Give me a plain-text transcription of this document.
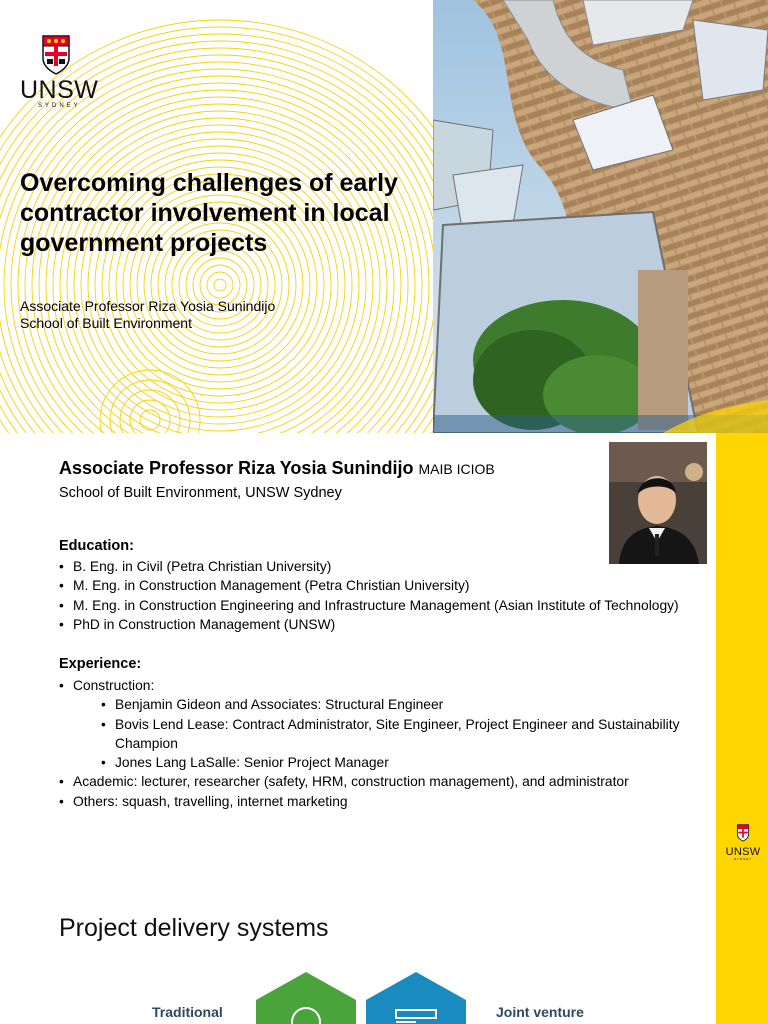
UNSW
SYDNEY
Overcoming challenges of early contractor involvement in local government projects
Associate Professor Riza Yosia Sunindijo
School of Built Environment
Associate Professor Riza Yosia Sunindijo MAIB ICIOB
School of Built Environment, UNSW Sydney
Education:
• B. Eng. in Civil (Petra Christian University)
• M. Eng. in Construction Management (Petra Christian University)
• M. Eng. in Construction Engineering and Infrastructure Management (Asian Institute of Technology)
• PhD in Construction Management (UNSW)
Experience:
• Construction:
• Benjamin Gideon and Associates: Structural Engineer
• Bovis Lend Lease: Contract Administrator, Site Engineer, Project Engineer and Sustainability Champion
• Jones Lang LaSalle: Senior Project Manager
• Academic: lecturer, researcher (safety, HRM, construction management), and administrator
• Others: squash, travelling, internet marketing
UNSW
SYDNEY
Project delivery systems
Traditional	Joint venture
